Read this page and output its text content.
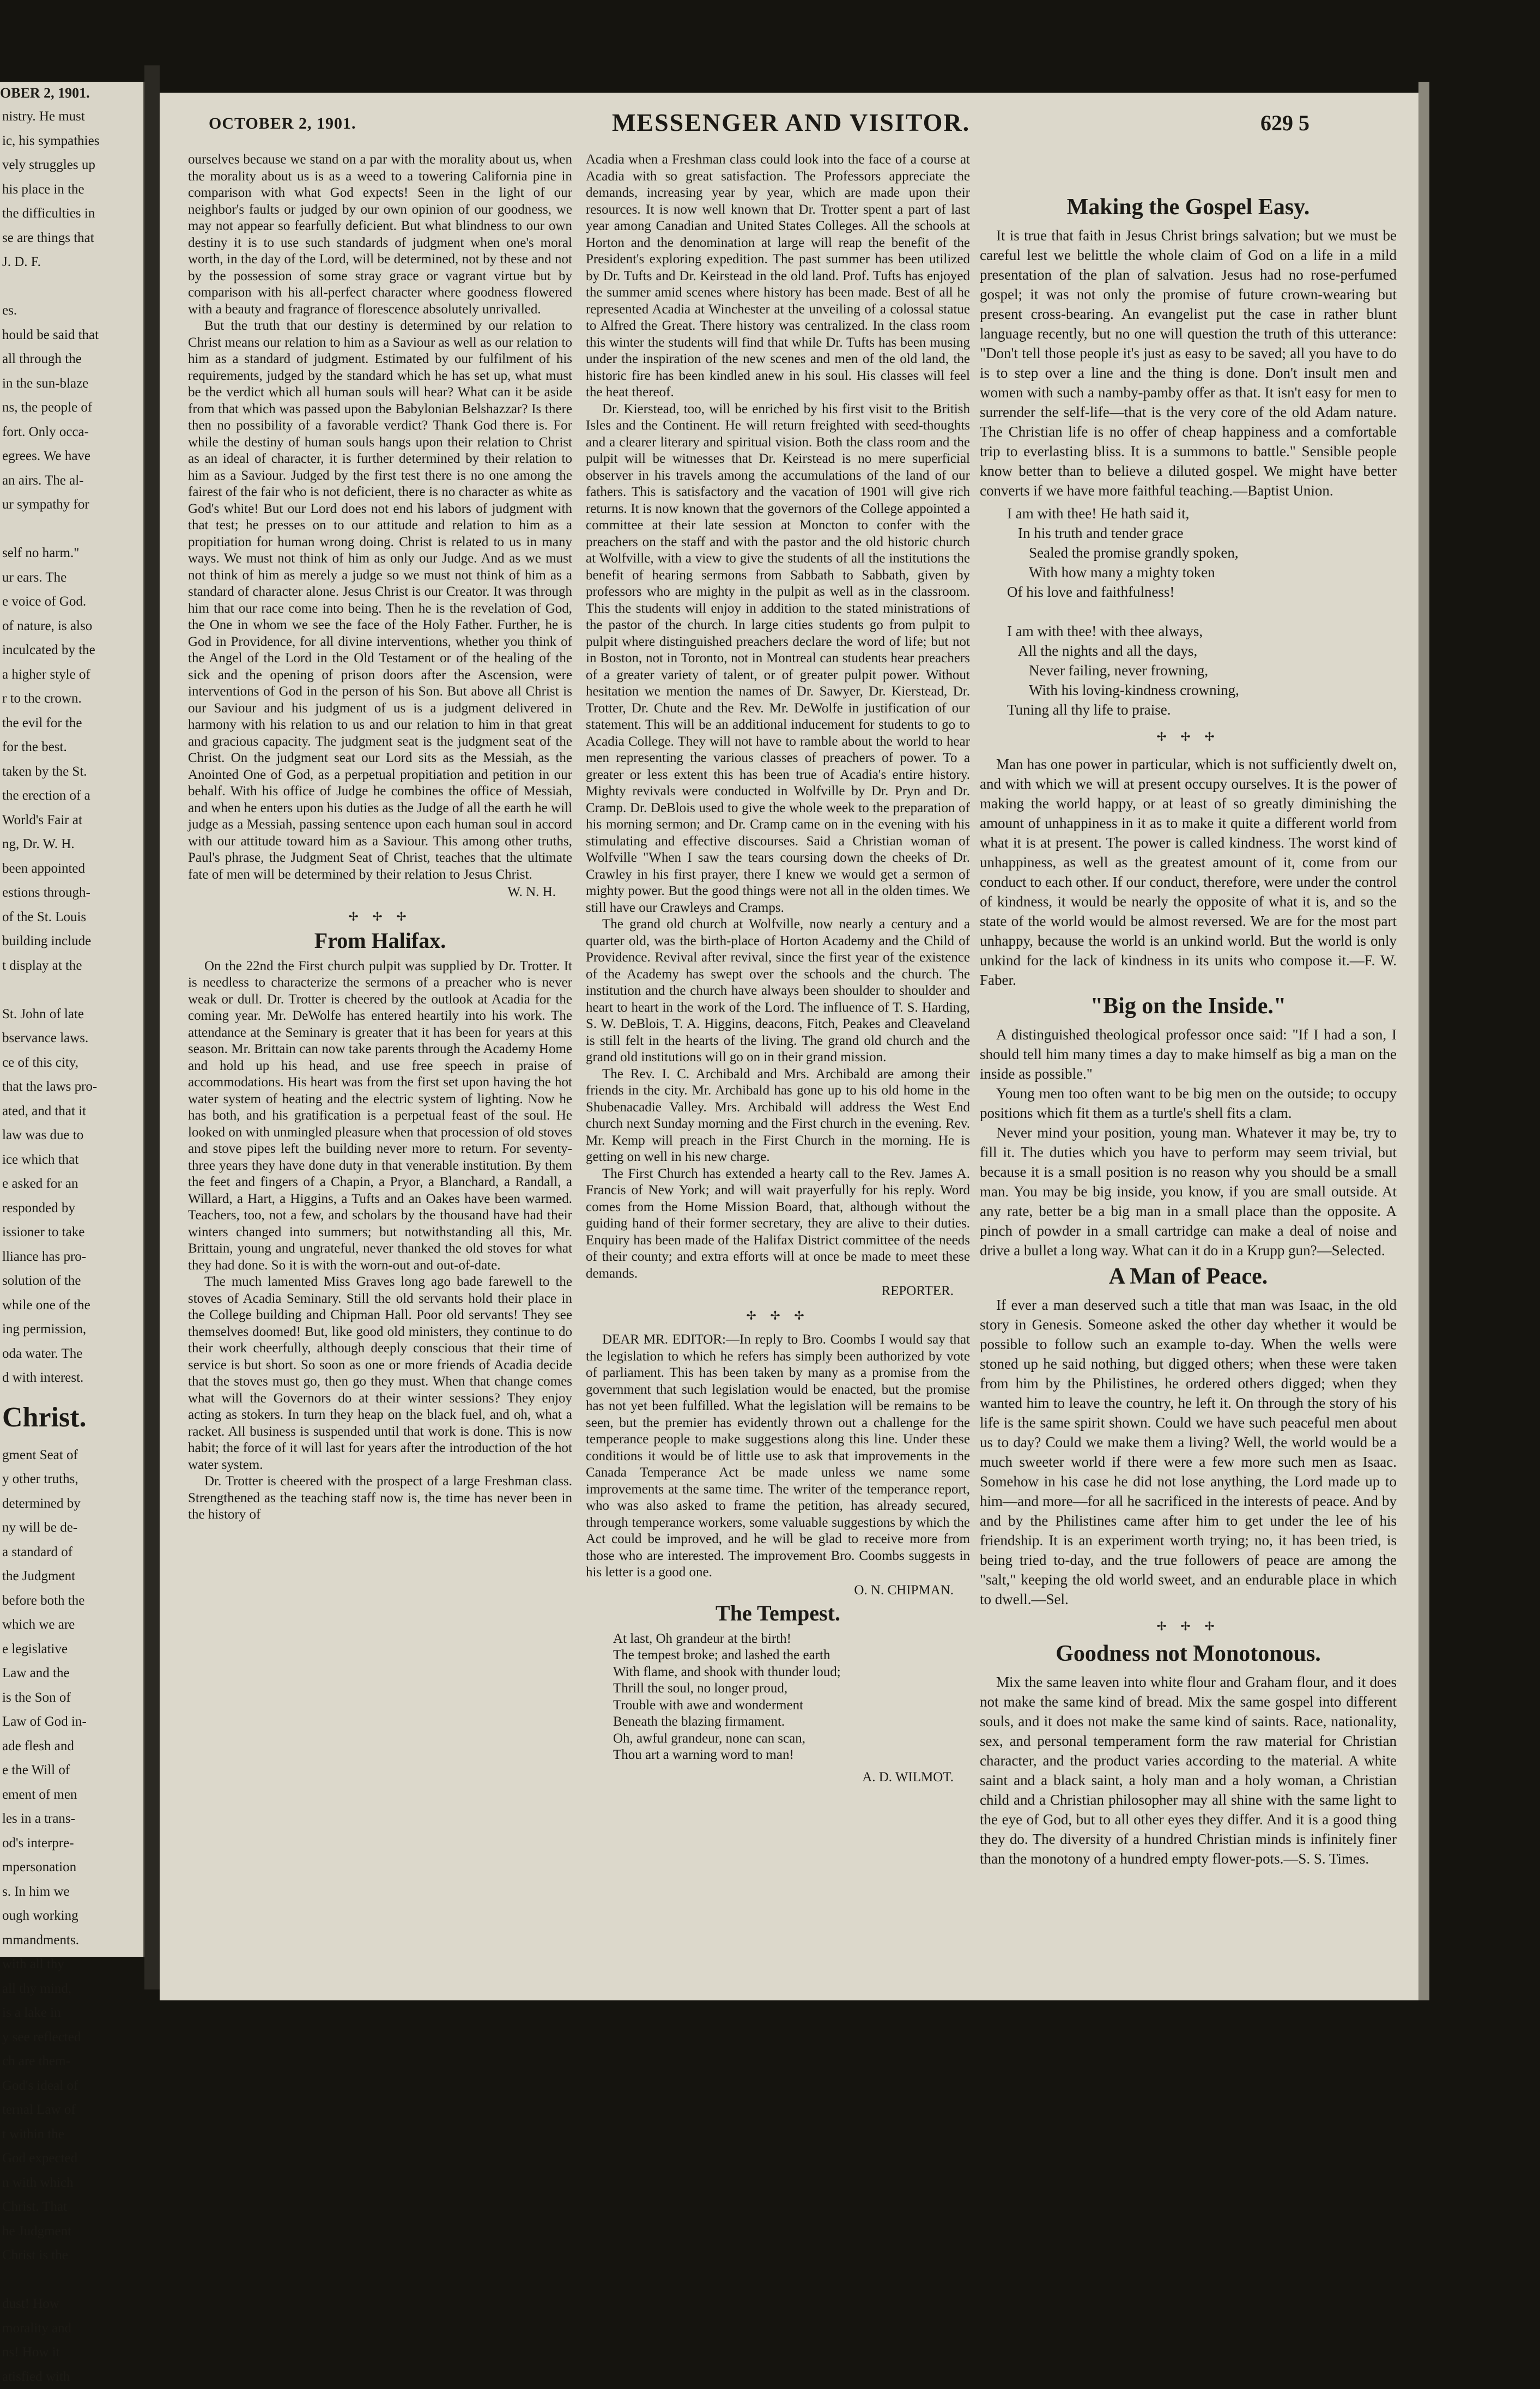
OBER 2, 1901.
nistry. He must
ic, his sympathies
vely struggles up
his place in the
the difficulties in
se are things that
J. D. F.

es.
hould be said that
all through the
in the sun-blaze
ns, the people of
fort. Only occa-
egrees. We have
an airs. The al-
ur sympathy for

self no harm."
ur ears. The
e voice of God.
of nature, is also
inculcated by the
a higher style of
r to the crown.
the evil for the
for the best.
taken by the St.
the erection of a
World's Fair at
ng, Dr. W. H.
been appointed
estions through-
of the St. Louis
building include
t display at the

St. John of late
bservance laws.
ce of this city,
that the laws pro-
ated, and that it
law was due to
ice which that
e asked for an
responded by
issioner to take
lliance has pro-
solution of the
while one of the
ing permission,
oda water. The
d with interest.
Christ.
gment Seat of
y other truths,
determined by
ny will be de-
a standard of
the Judgment
before both the
which we are
e legislative
Law and the
is the Son of
Law of God in-
ade flesh and
e the Will of
ement of men
les in a trans-
od's interpre-
mpersonation
s. In him we
ough working
mmandments.
with all thy
all thy mind,
is a lake in
y see reflected
ch are them-
God's ideal of
ternal Law of
t within the
God expected
n with which
Christ. That
he Judgment
Christ is the

dust! How
morality and
ns! How it
atisfied with
OCTOBER 2, 1901.	MESSENGER AND VISITOR.	629 5

ourselves because we stand on a par with the morality about us, when the morality about us is as a weed to a towering California pine in comparison with what God expects! Seen in the light of our neighbor's faults or judged by our own opinion of our goodness, we may not appear so fearfully deficient. But what blindness to our own destiny it is to use such standards of judgment when one's moral worth, in the day of the Lord, will be determined, not by these and not by the possession of some stray grace or vagrant virtue but by comparison with his all-perfect character where goodness flowered with a beauty and fragrance of florescence absolutely unrivalled.

But the truth that our destiny is determined by our relation to Christ means our relation to him as a Saviour as well as our relation to him as a standard of judgment. Estimated by our fulfilment of his requirements, judged by the standard which he has set up, what must be the verdict which all human souls will hear? What can it be aside from that which was passed upon the Babylonian Belshazzar? Is there then no possibility of a favorable verdict? Thank God there is. For while the destiny of human souls hangs upon their relation to Christ as an ideal of character, it is further determined by their relation to him as a Saviour. Judged by the first test there is no one among the fairest of the fair who is not deficient, there is no character as white as God's white! But our Lord does not end his labors of judgment with that test; he presses on to our attitude and relation to him as a propitiation for human wrong doing. Christ is related to us in many ways. We must not think of him as only our Judge. And as we must not think of him as merely a judge so we must not think of him as a standard of character alone. Jesus Christ is our Creator. It was through him that our race come into being. Then he is the revelation of God, the One in whom we see the face of the Holy Father. Further, he is God in Providence, for all divine interventions, whether you think of the Angel of the Lord in the Old Testament or of the healing of the sick and the opening of prison doors after the Ascension, were interventions of God in the person of his Son. But above all Christ is our Saviour and his judgment of us is a judgment delivered in harmony with his relation to us and our relation to him in that great and gracious capacity. The judgment seat is the judgment seat of the Christ. On the judgment seat our Lord sits as the Messiah, as the Anointed One of God, as a perpetual propitiation and petition in our behalf. With his office of Judge he combines the office of Messiah, and when he enters upon his duties as the Judge of all the earth he will judge as a Messiah, passing sentence upon each human soul in accord with our attitude toward him as a Saviour. This among other truths, Paul's phrase, the Judgment Seat of Christ, teaches that the ultimate fate of men will be determined by their relation to Jesus Christ.

W. N. H.
✢ ✢ ✢
From Halifax.

On the 22nd the First church pulpit was supplied by Dr. Trotter. It is needless to characterize the sermons of a preacher who is never weak or dull. Dr. Trotter is cheered by the outlook at Acadia for the coming year. Mr. DeWolfe has entered heartily into his work. The attendance at the Seminary is greater that it has been for years at this season. Mr. Brittain can now take parents through the Academy Home and hold up his head, and use free speech in praise of accommodations. His heart was from the first set upon having the hot water system of heating and the electric system of lighting. Now he has both, and his gratification is a perpetual feast of the soul. He looked on with unmingled pleasure when that procession of old stoves and stove pipes left the building never more to return. For seventy-three years they have done duty in that venerable institution. By them the feet and fingers of a Chapin, a Pryor, a Blanchard, a Randall, a Willard, a Hart, a Higgins, a Tufts and an Oakes have been warmed. Teachers, too, not a few, and scholars by the thousand have had their winters changed into summers; but notwithstanding all this, Mr. Brittain, young and ungrateful, never thanked the old stoves for what they had done. So it is with the worn-out and out-of-date.

The much lamented Miss Graves long ago bade farewell to the stoves of Acadia Seminary. Still the old servants hold their place in the College building and Chipman Hall. Poor old servants! They see themselves doomed! But, like good old ministers, they continue to do their work cheerfully, although deeply conscious that their time of service is but short. So soon as one or more friends of Acadia decide that the stoves must go, then go they must. When that change comes what will the Governors do at their winter sessions? They enjoy acting as stokers. In turn they heap on the black fuel, and oh, what a racket. All business is suspended until that work is done. This is now habit; the force of it will last for years after the introduction of the hot water system.

Dr. Trotter is cheered with the prospect of a large Freshman class. Strengthened as the teaching staff now is, the time has never been in the history of

Acadia when a Freshman class could look into the face of a course at Acadia with so great satisfaction. The Professors appreciate the demands, increasing year by year, which are made upon their resources. It is now well known that Dr. Trotter spent a part of last year among Canadian and United States Colleges. All the schools at Horton and the denomination at large will reap the benefit of the President's exploring expedition. The past summer has been utilized by Dr. Tufts and Dr. Keirstead in the old land. Prof. Tufts has enjoyed the summer amid scenes where history has been made. Best of all he represented Acadia at Winchester at the unveiling of a colossal statue to Alfred the Great. There history was centralized. In the class room this winter the students will find that while Dr. Tufts has been musing under the inspiration of the new scenes and men of the old land, the historic fire has been kindled anew in his soul. His classes will feel the heat thereof.

Dr. Kierstead, too, will be enriched by his first visit to the British Isles and the Continent. He will return freighted with seed-thoughts and a clearer literary and spiritual vision. Both the class room and the pulpit will be witnesses that Dr. Keirstead is no mere superficial observer in his travels among the accumulations of the land of our fathers. This is satisfactory and the vacation of 1901 will give rich returns. It is now known that the governors of the College appointed a committee at their late session at Moncton to confer with the preachers on the staff and with the pastor and the old historic church at Wolfville, with a view to give the students of all the institutions the benefit of hearing sermons from Sabbath to Sabbath, given by professors who are mighty in the pulpit as well as in the classroom. This the students will enjoy in addition to the stated ministrations of the pastor of the church. In large cities students go from pulpit to pulpit where distinguished preachers declare the word of life; but not in Boston, not in Toronto, not in Montreal can students hear preachers of a greater variety of talent, or of greater pulpit power. Without hesitation we mention the names of Dr. Sawyer, Dr. Kierstead, Dr. Trotter, Dr. Chute and the Rev. Mr. DeWolfe in justification of our statement. This will be an additional inducement for students to go to Acadia College. They will not have to ramble about the world to hear men representing the various classes of preachers of power. To a greater or less extent this has been true of Acadia's entire history. Mighty revivals were conducted in Wolfville by Dr. Pryn and Dr. Cramp. Dr. DeBlois used to give the whole week to the preparation of his morning sermon; and Dr. Cramp came on in the evening with his stimulating and effective discourses. Said a Christian woman of Wolfville "When I saw the tears coursing down the cheeks of Dr. Crawley in his first prayer, there I knew we would get a sermon of mighty power. But the good things were not all in the olden times. We still have our Crawleys and Cramps.

The grand old church at Wolfville, now nearly a century and a quarter old, was the birth-place of Horton Academy and the Child of Providence. Revival after revival, since the first year of the existence of the Academy has swept over the schools and the church. The institution and the church have always been shoulder to shoulder and heart to heart in the work of the Lord. The influence of T. S. Harding, S. W. DeBlois, T. A. Higgins, deacons, Fitch, Peakes and Cleaveland is still felt in the hearts of the living. The grand old church and the grand old institutions will go on in their grand mission.

The Rev. I. C. Archibald and Mrs. Archibald are among their friends in the city. Mr. Archibald has gone up to his old home in the Shubenacadie Valley. Mrs. Archibald will address the West End church next Sunday morning and the First church in the evening. Rev. Mr. Kemp will preach in the First Church in the morning. He is getting on well in his new charge.

The First Church has extended a hearty call to the Rev. James A. Francis of New York; and will wait prayerfully for his reply. Word comes from the Home Mission Board, that, although without the guiding hand of their former secretary, they are alive to their duties. Enquiry has been made of the Halifax District committee of the needs of their county; and extra efforts will at once be made to meet these demands.

REPORTER.
✢ ✢ ✢

DEAR MR. EDITOR:—In reply to Bro. Coombs I would say that the legislation to which he refers has simply been authorized by vote of parliament. This has been taken by many as a promise from the government that such legislation would be enacted, but the promise has not yet been fulfilled. What the legislation will be remains to be seen, but the premier has evidently thrown out a challenge for the temperance people to make suggestions along this line. Under these conditions it would be of little use to ask that improvements in the Canada Temperance Act be made unless we name some improvements at the same time. The writer of the temperance report, who was also asked to frame the petition, has already secured, through temperance workers, some valuable suggestions by which the Act could be improved, and he will be glad to receive more from those who are interested. The improvement Bro. Coombs suggests in his letter is a good one.

O. N. CHIPMAN.
The Tempest.
At last, Oh grandeur at the birth!
The tempest broke; and lashed the earth
With flame, and shook with thunder loud;
Thrill the soul, no longer proud,
Trouble with awe and wonderment
Beneath the blazing firmament.
Oh, awful grandeur, none can scan,
Thou art a warning word to man!
A. D. WILMOT.
Making the Gospel Easy.

It is true that faith in Jesus Christ brings salvation; but we must be careful lest we belittle the whole claim of God on a life in a mild presentation of the plan of salvation. Jesus had no rose-perfumed gospel; it was not only the promise of future crown-wearing but present cross-bearing. An evangelist put the case in rather blunt language recently, but no one will question the truth of this utterance: "Don't tell those people it's just as easy to be saved; all you have to do is to step over a line and the thing is done. Don't insult men and women with such a namby-pamby offer as that. It isn't easy for men to surrender the self-life—that is the very core of the old Adam nature. The Christian life is no offer of cheap happiness and a comfortable trip to everlasting bliss. It is a summons to battle." Sensible people know better than to believe a diluted gospel. We might have better converts if we have more faithful teaching.—Baptist Union.

I am with thee! He hath said it,
In his truth and tender grace
Sealed the promise grandly spoken,
With how many a mighty token
Of his love and faithfulness!

I am with thee! with thee always,
All the nights and all the days,
Never failing, never frowning,
With his loving-kindness crowning,
Tuning all thy life to praise.
✢ ✢ ✢

Man has one power in particular, which is not sufficiently dwelt on, and with which we will at present occupy ourselves. It is the power of making the world happy, or at least of so greatly diminishing the amount of unhappiness in it as to make it quite a different world from what it is at present. The power is called kindness. The worst kind of unhappiness, as well as the greatest amount of it, come from our conduct to each other. If our conduct, therefore, were under the control of kindness, it would be nearly the opposite of what it is, and so the state of the world would be almost reversed. We are for the most part unhappy, because the world is an unkind world. But the world is only unkind for the lack of kindness in its units who compose it.—F. W. Faber.

"Big on the Inside."

A distinguished theological professor once said: "If I had a son, I should tell him many times a day to make himself as big a man on the inside as possible."

Young men too often want to be big men on the outside; to occupy positions which fit them as a turtle's shell fits a clam.

Never mind your position, young man. Whatever it may be, try to fill it. The duties which you have to perform may seem trivial, but because it is a small position is no reason why you should be a small man. You may be big inside, you know, if you are small outside. At any rate, better be a big man in a small place than the opposite. A pinch of powder in a small cartridge can make a deal of noise and drive a bullet a long way. What can it do in a Krupp gun?—Selected.

A Man of Peace.

If ever a man deserved such a title that man was Isaac, in the old story in Genesis. Someone asked the other day whether it would be possible to follow such an example to-day. When the wells were stoned up he said nothing, but digged others; when these were taken from him by the Philistines, he ordered others digged; when they wanted him to leave the country, he left it. On through the story of his life is the same spirit shown. Could we have such peaceful men about us to day? Could we make them a living? Well, the world would be a much sweeter world if there were a few more such men as Isaac. Somehow in his case he did not lose anything, the Lord made up to him—and more—for all he sacrificed in the interests of peace. And by and by the Philistines came after him to get under the lee of his friendship. It is an experiment worth trying; no, it has been tried, is being tried to-day, and the true followers of peace are among the "salt," keeping the old world sweet, and an endurable place in which to dwell.—Sel.

✢ ✢ ✢
Goodness not Monotonous.

Mix the same leaven into white flour and Graham flour, and it does not make the same kind of bread. Mix the same gospel into different souls, and it does not make the same kind of saints. Race, nationality, sex, and personal temperament form the raw material for Christian character, and the product varies according to the material. A white saint and a black saint, a holy man and a holy woman, a Christian child and a Christian philosopher may all shine with the same light to the eye of God, but to all other eyes they differ. And it is a good thing they do. The diversity of a hundred Christian minds is infinitely finer than the monotony of a hundred empty flower-pots.—S. S. Times.
